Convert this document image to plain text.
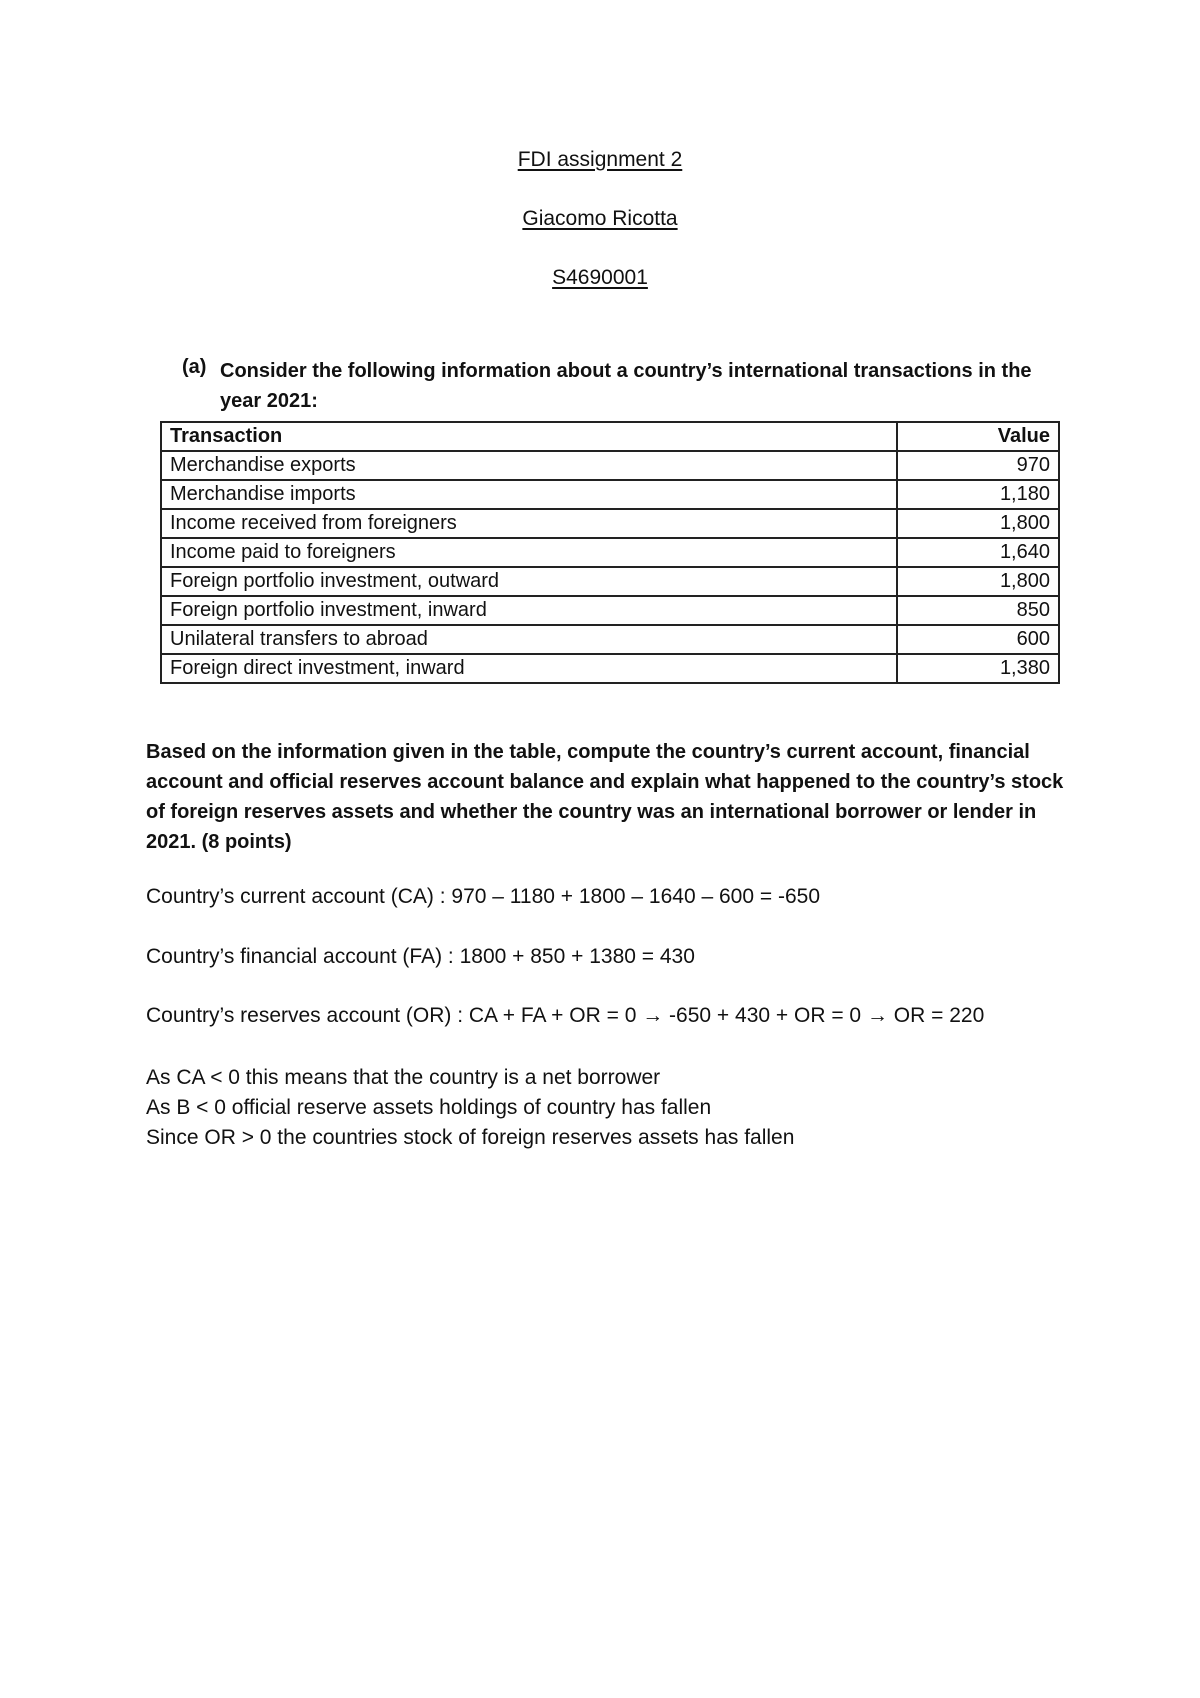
FDI assignment 2
Giacomo Ricotta
S4690001
(a) Consider the following information about a country’s international transactions in the year 2021:
Transaction	Value
Merchandise exports	970
Merchandise imports	1,180
Income received from foreigners	1,800
Income paid to foreigners	1,640
Foreign portfolio investment, outward	1,800
Foreign portfolio investment, inward	850
Unilateral transfers to abroad	600
Foreign direct investment, inward	1,380
Based on the information given in the table, compute the country’s current account, financial account and official reserves account balance and explain what happened to the country’s stock of foreign reserves assets and whether the country was an international borrower or lender in 2021. (8 points)
Country’s current account (CA) : 970 – 1180 + 1800 – 1640 – 600 = -650
Country’s financial account (FA) : 1800 + 850 + 1380 = 430
Country’s reserves account (OR) : CA + FA + OR = 0 → -650 + 430 + OR = 0 → OR = 220
As CA < 0 this means that the country is a net borrower
As B < 0 official reserve assets holdings of country has fallen
Since OR > 0 the countries stock of foreign reserves assets has fallen
